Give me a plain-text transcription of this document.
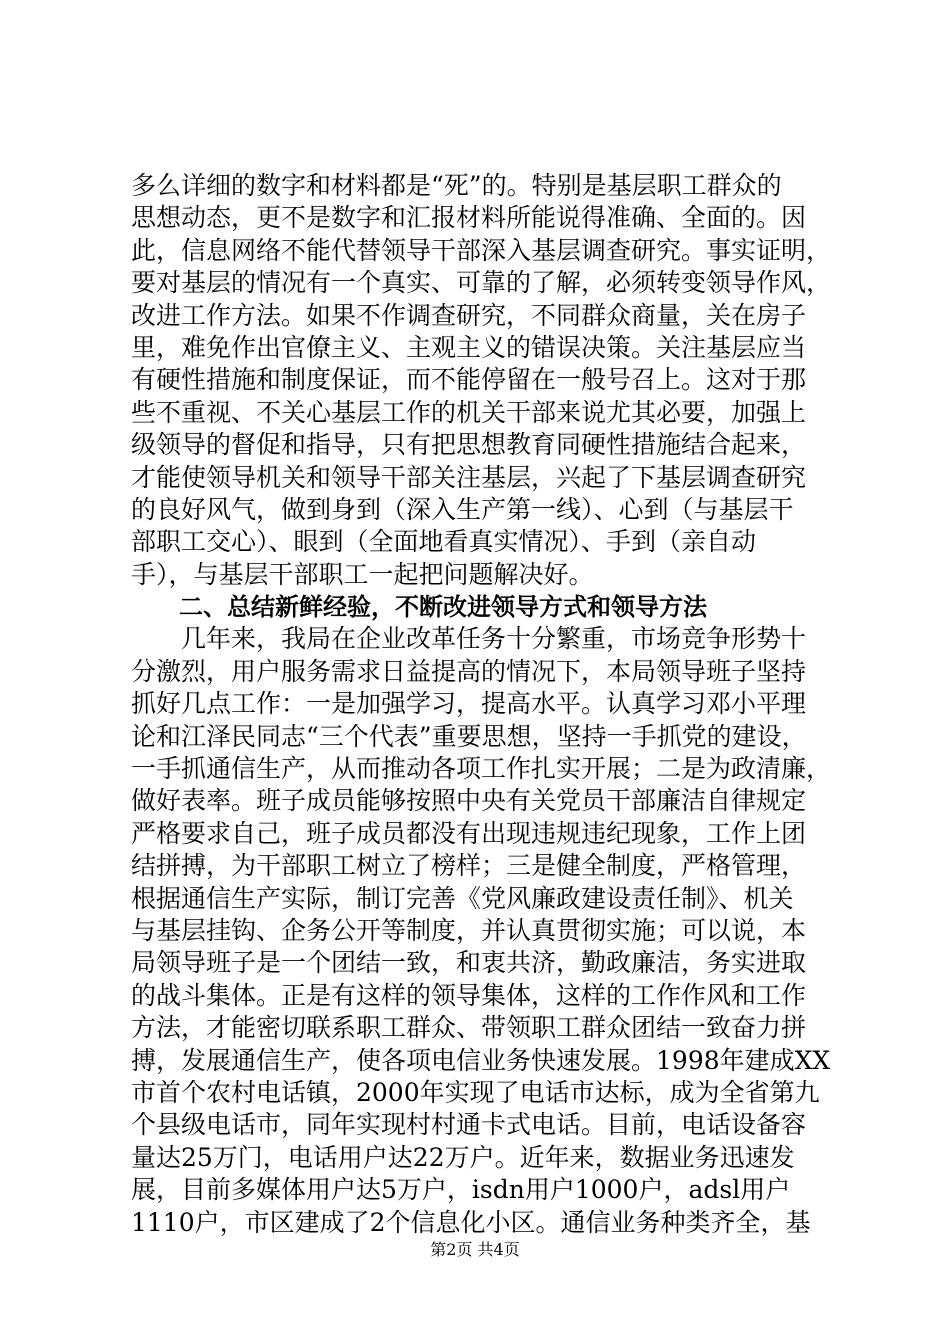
多么详细的数字和材料都是“死”的。特别是基层职工群众的
思想动态，更不是数字和汇报材料所能说得准确、全面的。因
此，信息网络不能代替领导干部深入基层调查研究。事实证明，
要对基层的情况有一个真实、可靠的了解，必须转变领导作风，
改进工作方法。如果不作调查研究，不同群众商量，关在房子
里，难免作出官僚主义、主观主义的错误决策。关注基层应当
有硬性措施和制度保证，而不能停留在一般号召上。这对于那
些不重视、不关心基层工作的机关干部来说尤其必要，加强上
级领导的督促和指导，只有把思想教育同硬性措施结合起来，
才能使领导机关和领导干部关注基层，兴起了下基层调查研究
的良好风气，做到身到（深入生产第一线）、心到（与基层干
部职工交心）、眼到（全面地看真实情况）、手到（亲自动
手），与基层干部职工一起把问题解决好。
　　二、总结新鲜经验，不断改进领导方式和领导方法
　　几年来，我局在企业改革任务十分繁重，市场竞争形势十
分激烈，用户服务需求日益提高的情况下，本局领导班子坚持
抓好几点工作：一是加强学习，提高水平。认真学习邓小平理
论和江泽民同志“三个代表”重要思想，坚持一手抓党的建设，
一手抓通信生产，从而推动各项工作扎实开展；二是为政清廉，
做好表率。班子成员能够按照中央有关党员干部廉洁自律规定
严格要求自己，班子成员都没有出现违规违纪现象，工作上团
结拼搏，为干部职工树立了榜样；三是健全制度，严格管理，
根据通信生产实际，制订完善《党风廉政建设责任制》、机关
与基层挂钩、企务公开等制度，并认真贯彻实施；可以说，本
局领导班子是一个团结一致，和衷共济，勤政廉洁，务实进取
的战斗集体。正是有这样的领导集体，这样的工作作风和工作
方法，才能密切联系职工群众、带领职工群众团结一致奋力拼
搏，发展通信生产，使各项电信业务快速发展。1998年建成XX
市首个农村电话镇，2000年实现了电话市达标，成为全省第九
个县级电话市，同年实现村村通卡式电话。目前，电话设备容
量达25万门，电话用户达22万户。近年来，数据业务迅速发
展，目前多媒体用户达5万户，isdn用户1000户，adsl用户
1110户，市区建成了2个信息化小区。通信业务种类齐全，基
第2页 共4页
